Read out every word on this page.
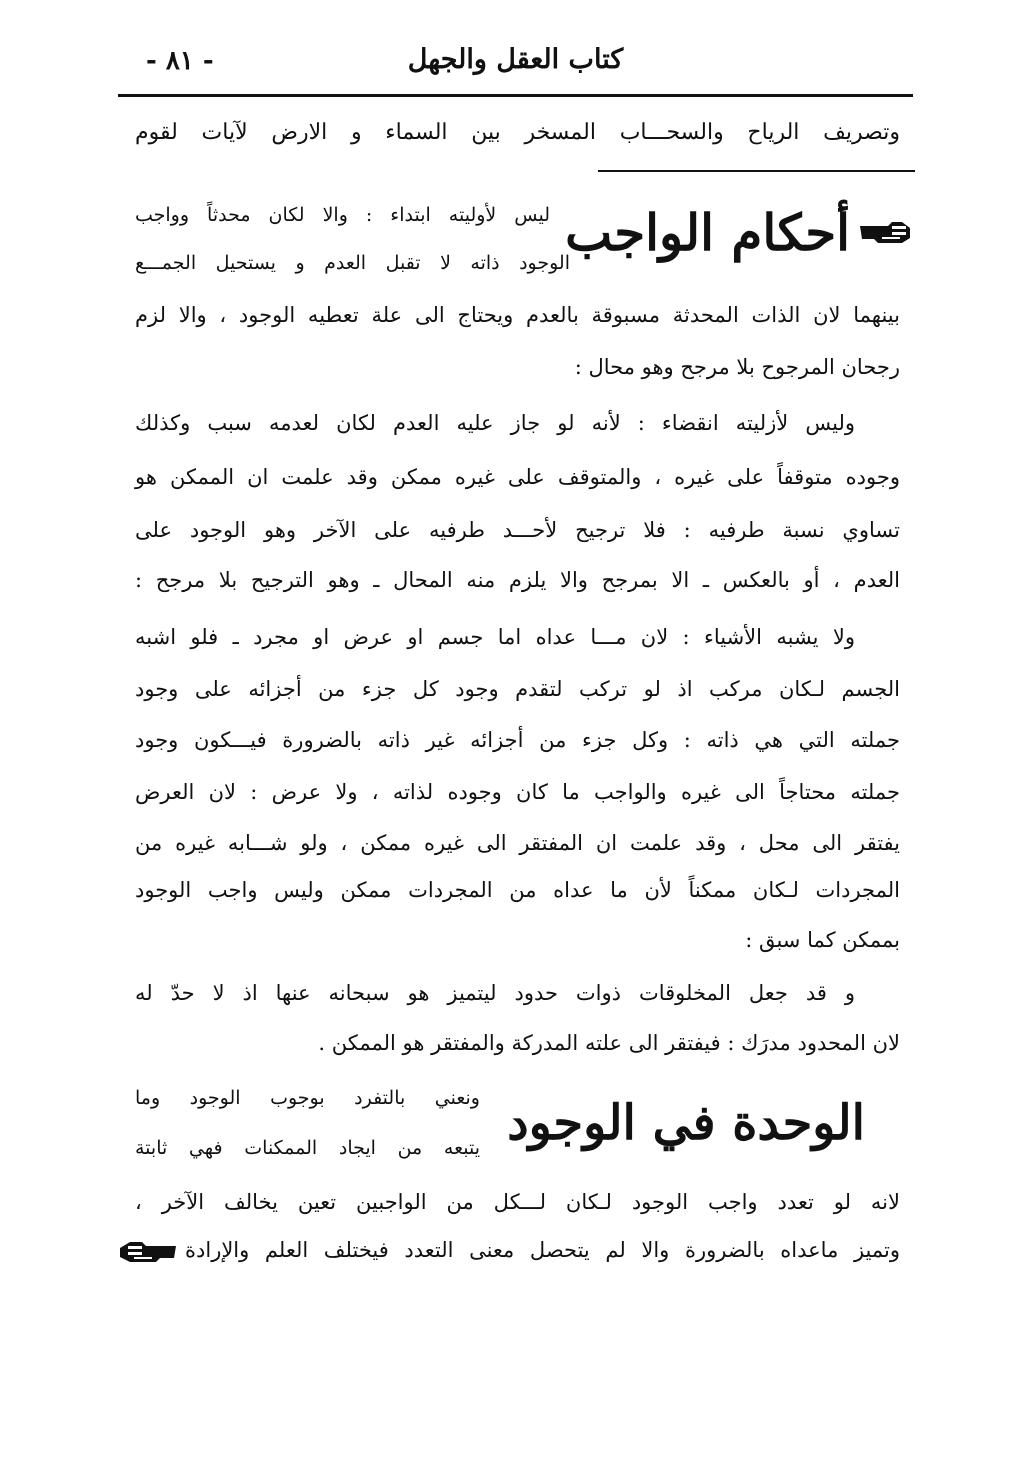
- ٨١ -	كتاب العقل والجهل
وتصريف الرياح والسحـــاب المسخر بين السماء و الارض لآيات لقوم
أحكام الواجب
ليس لأوليته ابتداء : والا لكان محدثاً وواجب
الوجود ذاته لا تقبل العدم و يستحيل الجمـــع
بينهما لان الذات المحدثة مسبوقة بالعدم ويحتاج الى علة تعطيه الوجود ، والا لزم
رجحان المرجوح بلا مرجح وهو محال :
وليس لأزليته انقضاء : لأنه لو جاز عليه العدم لكان لعدمه سبب وكذلك
وجوده متوقفاً على غيره ، والمتوقف على غيره ممكن وقد علمت ان الممكن هو
تساوي نسبة طرفيه : فلا ترجيح لأحـــد طرفيه على الآخر وهو الوجود على
العدم ، أو بالعكس ـ الا بمرجح والا يلزم منه المحال ـ وهو الترجيح بلا مرجح :
ولا يشبه الأشياء : لان مـــا عداه اما جسم او عرض او مجرد ـ فلو اشبه
الجسم لـكان مركب اذ لو تركب لتقدم وجود كل جزء من أجزائه على وجود
جملته التي هي ذاته : وكل جزء من أجزائه غير ذاته بالضرورة فيـــكون وجود
جملته محتاجاً الى غيره والواجب ما كان وجوده لذاته ، ولا عرض : لان العرض
يفتقر الى محل ، وقد علمت ان المفتقر الى غيره ممكن ، ولو شـــابه غيره من
المجردات لـكان ممكناً لأن ما عداه من المجردات ممكن وليس واجب الوجود
بممكن كما سبق :
و قد جعل المخلوقات ذوات حدود ليتميز هو سبحانه عنها اذ لا حدّ له
لان المحدود مدرَك : فيفتقر الى علته المدركة والمفتقر هو الممكن .
الوحدة في الوجود
ونعني بالتفرد بوجوب الوجود وما
يتبعه من ايجاد الممكنات فهي ثابتة
لانه لو تعدد واجب الوجود لـكان لـــكل من الواجبين تعين يخالف الآخر ،
وتميز ماعداه بالضرورة والا لم يتحصل معنى التعدد فيختلف العلم والإرادة
